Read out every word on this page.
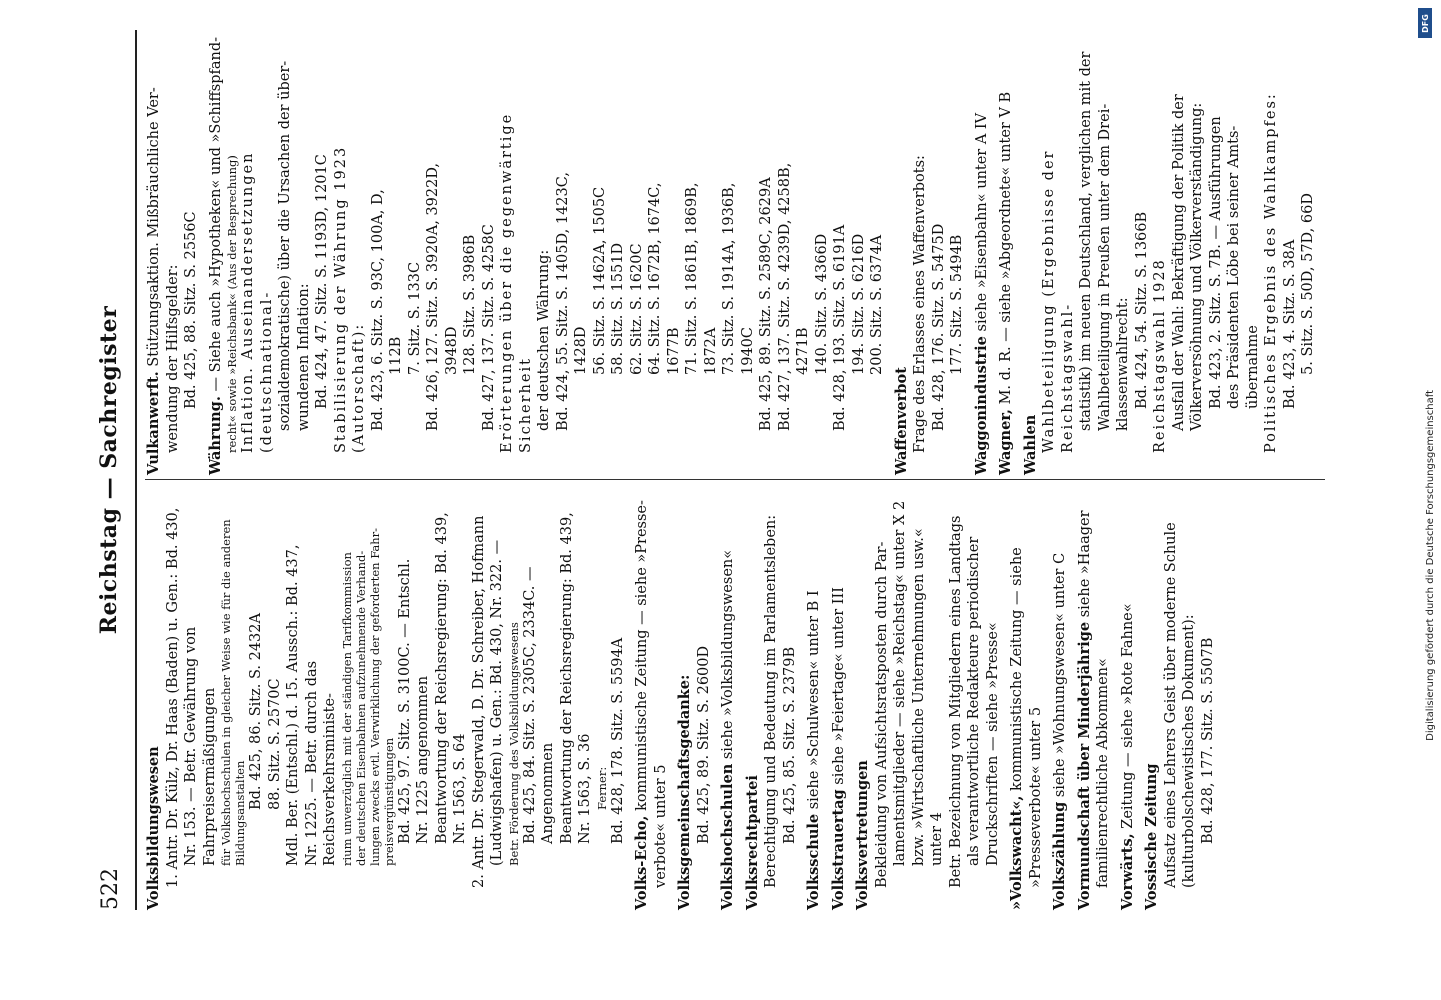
522
Reichstag — Sachregister

Volksbildungswesen 1. Antr. Dr. Külz, Dr. Haas (Baden) u. Gen.: Bd. 430, Nr. 153. — Betr. Gewährung von Fahrpreisermäßigungen für Volkshochschulen in gleicher Weise wie für die anderen Bildungsanstalten

Bd. 425, 86. Sitz. S. 2432A 88. Sitz. S. 2570C Mdl. Ber. (Entschl.) d. 15. Aussch.: Bd. 437, Nr. 1225. — Betr. durch das Reichsverkehrsministe- rium unverzüglich mit der ständigen Tarifkommission der deutschen Eisenbahnen aufzunehmende Verhand- lungen zwecks evtl. Verwirklichung der geforderten Fahr- preisvergünstigungen Bd. 425, 97. Sitz. S. 3100C. — Entschl. Nr. 1225 angenommen Beantwortung der Reichsregierung: Bd. 439, Nr. 1563, S. 64 2. Antr. Dr. Stegerwald, D. Dr. Schreiber, Hofmann (Ludwigshafen) u. Gen.: Bd. 430, Nr. 322. — Betr. Förderung des Volksbildungswesens Bd. 425, 84. Sitz. S. 2305C, 2334C. — Angenommen Beantwortung der Reichsregierung: Bd. 439, Nr. 1563, S. 36 Ferner: Bd. 428, 178. Sitz. S. 5594A

Volks-Echo, kommunistische Zeitung — siehe »Presse-

verbote« unter 5 Volksgemeinschaftsgedanke: Bd. 425, 89. Sitz. S. 2600D Volkshochschulen siehe »Volksbildungswesen«

Volksrechtpartei Berechtigung und Bedeutung im Parlamentsleben: Bd. 425, 85. Sitz. S. 2379B

Volksschule siehe »Schulwesen« unter B I

Volkstrauertag siehe »Feiertage« unter III

Volksvertretungen Bekleidung von Aufsichtsratsposten durch Par- lamentsmitglieder — siehe »Reichstag« unter X 2 bzw. »Wirtschaftliche Unternehmungen usw.« unter 4 Betr. Bezeichnung von Mitgliedern eines Landtags als verantwortliche Redakteure periodischer Druckschriften — siehe »Presse« »Volkswacht«, kommunistische Zeitung — siehe

»Presseverbote« unter 5 Volkszählung siehe »Wohnungswesen« unter C Vormundschaft über Minderjährige siehe »Haager

familienrechtliche Abkommen« Vorwärts, Zeitung — siehe »Rote Fahne«

Vossische Zeitung Aufsatz eines Lehrers Geist über moderne Schule (kulturbolschewistisches Dokument): Bd. 428, 177. Sitz. S. 5507B

Vulkanwerft. Stützungsaktion. Mißbräuchliche Ver- wendung der Hilfsgelder: Bd. 425, 88. Sitz. S. 2556C

Währung. — Siehe auch »Hypotheken« und »Schiffspfand- recht« sowie »Reichsbank« (Aus der Besprechung) Inflation. Auseinandersetzungen (deutschnational- sozialdemokratische) über die Ursachen der über- wundenen Inflation: Bd. 424, 47. Sitz. S. 1193D, 1201C Stabilisierung der Währung 1923 (Autorschaft): Bd. 423, 6. Sitz. S. 93C, 100A, D, 112B 7. Sitz. S. 133C Bd. 426, 127. Sitz. S. 3920A, 3922D, 3948D 128. Sitz. S. 3986B Bd. 427, 137. Sitz. S. 4258C Erörterungen über die gegenwärtige Sicherheit der deutschen Währung: Bd. 424, 55. Sitz. S. 1405D, 1423C, 1428D 56. Sitz. S. 1462A, 1505C 58. Sitz. S. 1551D 62. Sitz. S. 1620C 64. Sitz. S. 1672B, 1674C, 1677B 71. Sitz. S. 1861B, 1869B, 1872A 73. Sitz. S. 1914A, 1936B, 1940C Bd. 425, 89. Sitz. S. 2589C, 2629A Bd. 427, 137. Sitz. S. 4239D, 4258B, 4271B 140. Sitz. S. 4366D Bd. 428, 193. Sitz. S. 6191A 194. Sitz. S. 6216D 200. Sitz. S. 6374A

Waffenverbot Frage des Erlasses eines Waffenverbots: Bd. 428, 176. Sitz. S. 5475D 177. Sitz. S. 5494B

Waggonindustrie siehe »Eisenbahn« unter A IV

Wagner, M. d. R. — siehe »Abgeordnete« unter V B

Wahlen Wahlbeteiligung (Ergebnisse der Reichstagswahl- statistik) im neuen Deutschland, verglichen mit der Wahlbeteiligung in Preußen unter dem Drei- klassenwahlrecht: Bd. 424, 54. Sitz. S. 1366B Reichstagswahl 1928 Ausfall der Wahl: Bekräftigung der Politik der Völkerversöhnung und Völkerverständigung: Bd. 423, 2. Sitz. S. 7B. — Ausführungen des Präsidenten Löbe bei seiner Amts- übernahme Politisches Ergebnis des Wahlkampfes: Bd. 423, 4. Sitz. S. 38A 5. Sitz. S. 50D, 57D, 66D

DFG
Digitalisierung gefördert durch die Deutsche Forschungsgemeinschaft
